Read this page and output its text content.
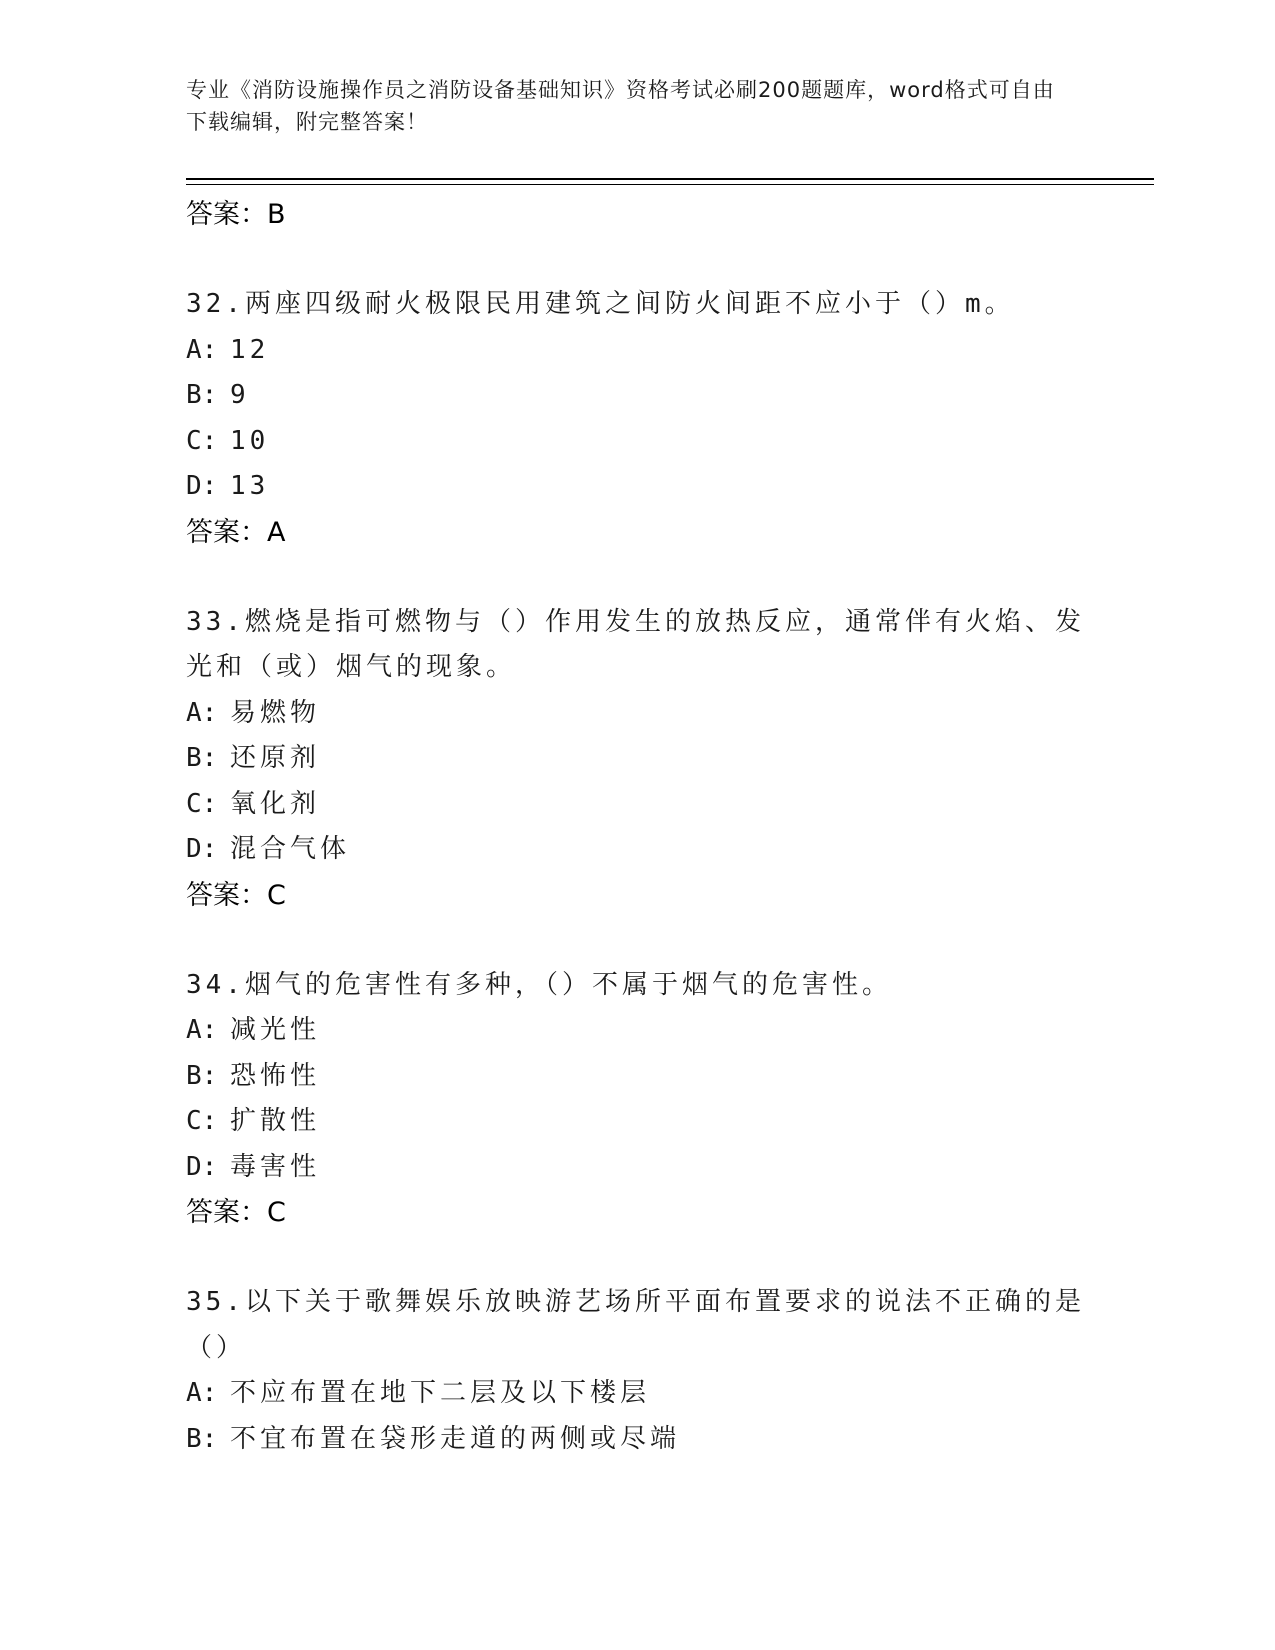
专业《消防设施操作员之消防设备基础知识》资格考试必刷200题题库，word格式可自由下载编辑，附完整答案！
答案：B
32.两座四级耐火极限民用建筑之间防火间距不应小于（）m。
A: 12
B: 9
C: 10
D: 13
答案：A
33.燃烧是指可燃物与（）作用发生的放热反应，通常伴有火焰、发光和（或）烟气的现象。
A: 易燃物
B: 还原剂
C: 氧化剂
D: 混合气体
答案：C
34.烟气的危害性有多种，（）不属于烟气的危害性。
A: 减光性
B: 恐怖性
C: 扩散性
D: 毒害性
答案：C
35.以下关于歌舞娱乐放映游艺场所平面布置要求的说法不正确的是（）
A: 不应布置在地下二层及以下楼层
B: 不宜布置在袋形走道的两侧或尽端
